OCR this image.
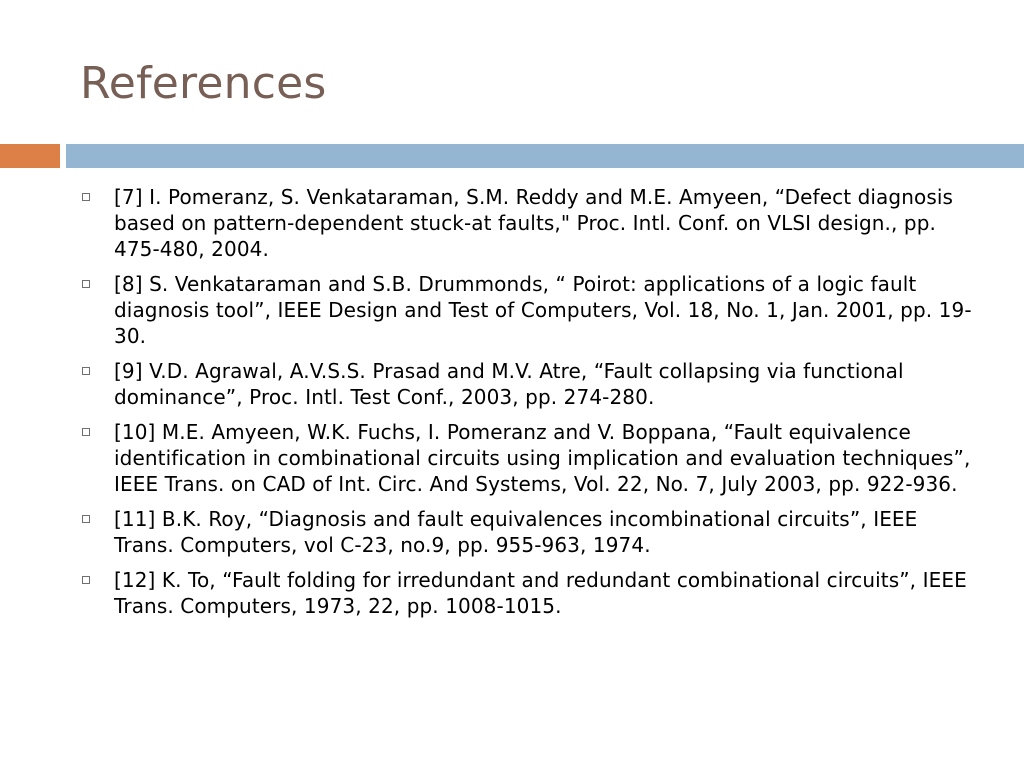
References
[7] I. Pomeranz, S. Venkataraman, S.M. Reddy and M.E. Amyeen, “Defect diagnosis based on pattern-dependent stuck-at faults," Proc. Intl. Conf. on VLSI design., pp. 475-480, 2004.
[8] S. Venkataraman and S.B. Drummonds, “ Poirot: applications of a logic fault diagnosis tool”, IEEE Design and Test of Computers, Vol. 18, No. 1, Jan. 2001, pp. 19-30.
[9] V.D. Agrawal, A.V.S.S. Prasad and M.V. Atre, “Fault collapsing via functional dominance”, Proc. Intl. Test Conf., 2003, pp. 274-280.
[10] M.E. Amyeen, W.K. Fuchs, I. Pomeranz and V. Boppana, “Fault equivalence identification in combinational circuits using implication and evaluation techniques”, IEEE Trans. on CAD of Int. Circ. And Systems, Vol. 22, No. 7, July 2003, pp. 922-936.
[11] B.K. Roy, “Diagnosis and fault equivalences incombinational circuits”, IEEE Trans. Computers, vol C-23, no.9, pp. 955-963, 1974.
[12] K. To, “Fault folding for irredundant and redundant combinational circuits”, IEEE Trans. Computers, 1973, 22, pp. 1008-1015.
